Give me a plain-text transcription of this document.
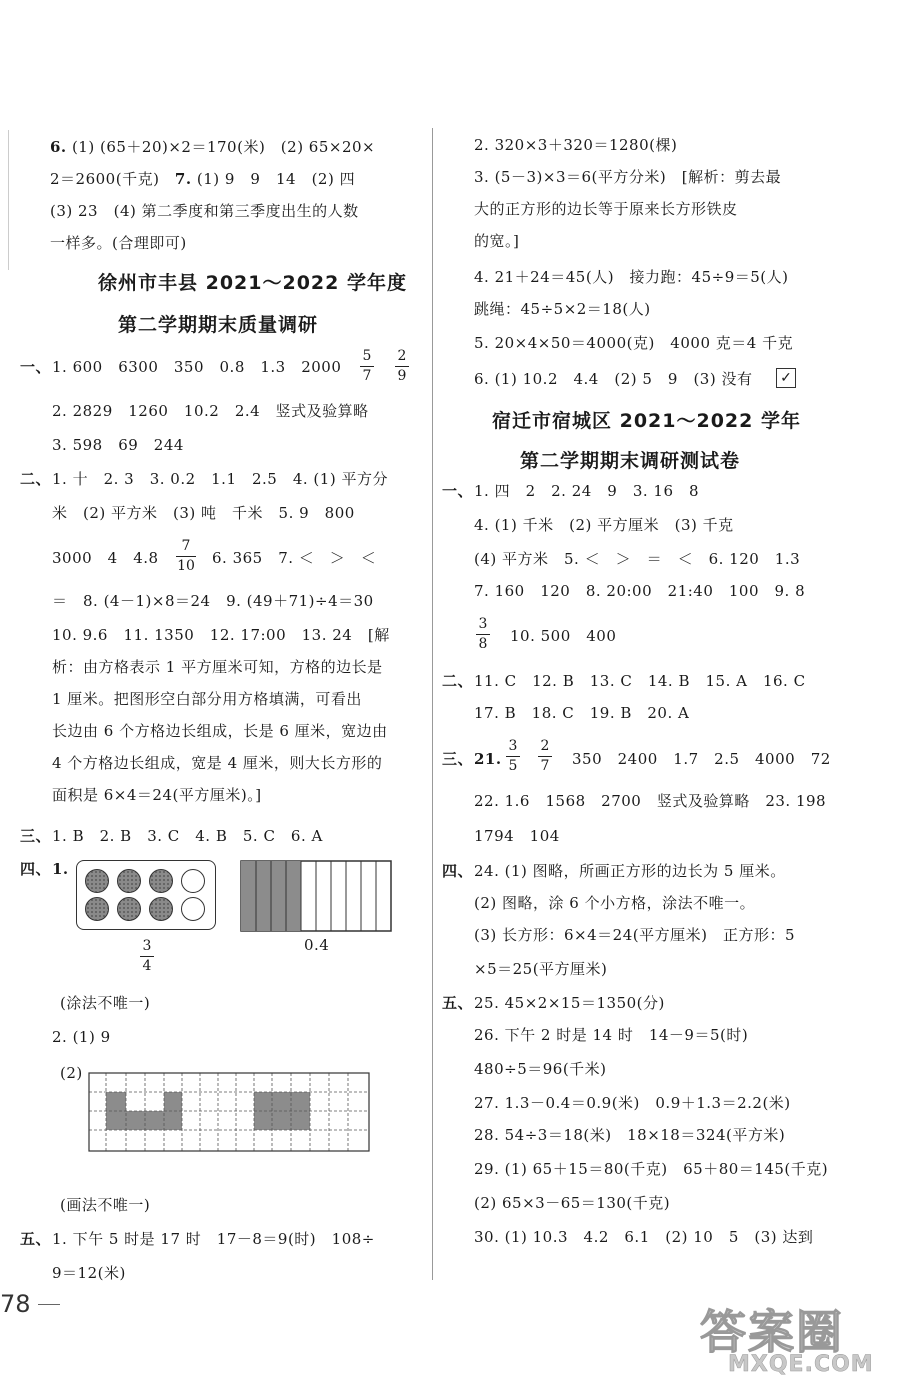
6. (1) (65＋20)×2＝170(米)　(2) 65×20×
2＝2600(千克)　7. (1) 9　9　14　(2) 四
(3) 23　(4) 第二季度和第三季度出生的人数
一样多。(合理即可)
徐州市丰县 2021～2022 学年度
第二学期期末质量调研
一、 1. 600　6300　350　0.8　1.3　2000
5
7
2
9
2. 2829　1260　10.2　2.4　竖式及验算略
3. 598　69　244
二、 1. 十　2. 3　3. 0.2　1.1　2.5　4. (1) 平方分
米　(2) 平方米　(3) 吨　千米　5. 9　800
3000　4　4.8
7
10 6. 365　7. ＜　＞　＜
＝　8. (4－1)×8＝24　9. (49＋71)÷4＝30
10. 9.6　11. 1350　12. 17:00　13. 24　[解
析：由方格表示 1 平方厘米可知，方格的边长是
1 厘米。把图形空白部分用方格填满，可看出
长边由 6 个方格边长组成，长是 6 厘米，宽边由
4 个方格边长组成，宽是 4 厘米，则大长方形的
面积是 6×4＝24(平方厘米)。]
三、 1. B　2. B　3. C　4. B　5. C　6. A
四、 1.
3
4
0.4
(涂法不唯一)
2. (1) 9
(2)
(画法不唯一)
五、 1. 下午 5 时是 17 时　17－8＝9(时)　108÷
9＝12(米)
2. 320×3＋320＝1280(棵)
3. (5－3)×3＝6(平方分米)　[解析：剪去最
大的正方形的边长等于原来长方形铁皮
的宽。]
4. 21＋24＝45(人)　接力跑：45÷9＝5(人)
跳绳：45÷5×2＝18(人)
5. 20×4×50＝4000(克)　4000 克＝4 千克
6. (1) 10.2　4.4　(2) 5　9　(3) 没有 ✓
宿迁市宿城区 2021～2022 学年
第二学期期末调研测试卷
一、 1. 四　2　2. 24　9　3. 16　8
4. (1) 千米　(2) 平方厘米　(3) 千克
(4) 平方米　5. ＜　＞　＝　＜　6. 120　1.3
7. 160　120　8. 20:00　21:40　100　9. 8
3
8 10. 500　400
二、 11. C　12. B　13. C　14. B　15. A　16. C
17. B　18. C　19. B　20. A
三、 21.
3
5
2
7 350　2400　1.7　2.5　4000　72
22. 1.6　1568　2700　竖式及验算略　23. 198
1794　104
四、 24. (1) 图略，所画正方形的边长为 5 厘米。
(2) 图略，涂 6 个小方格，涂法不唯一。
(3) 长方形：6×4＝24(平方厘米)　正方形：5
×5＝25(平方厘米)
五、 25. 45×2×15＝1350(分)
26. 下午 2 时是 14 时　14－9＝5(时)
480÷5＝96(千米)
27. 1.3－0.4＝0.9(米)　0.9＋1.3＝2.2(米)
28. 54÷3＝18(米)　18×18＝324(平方米)
29. (1) 65＋15＝80(千克)　65＋80＝145(千克)
(2) 65×3－65＝130(千克)
30. (1) 10.3　4.2　6.1　(2) 10　5　(3) 达到
78
答案圈
MXQE.COM
